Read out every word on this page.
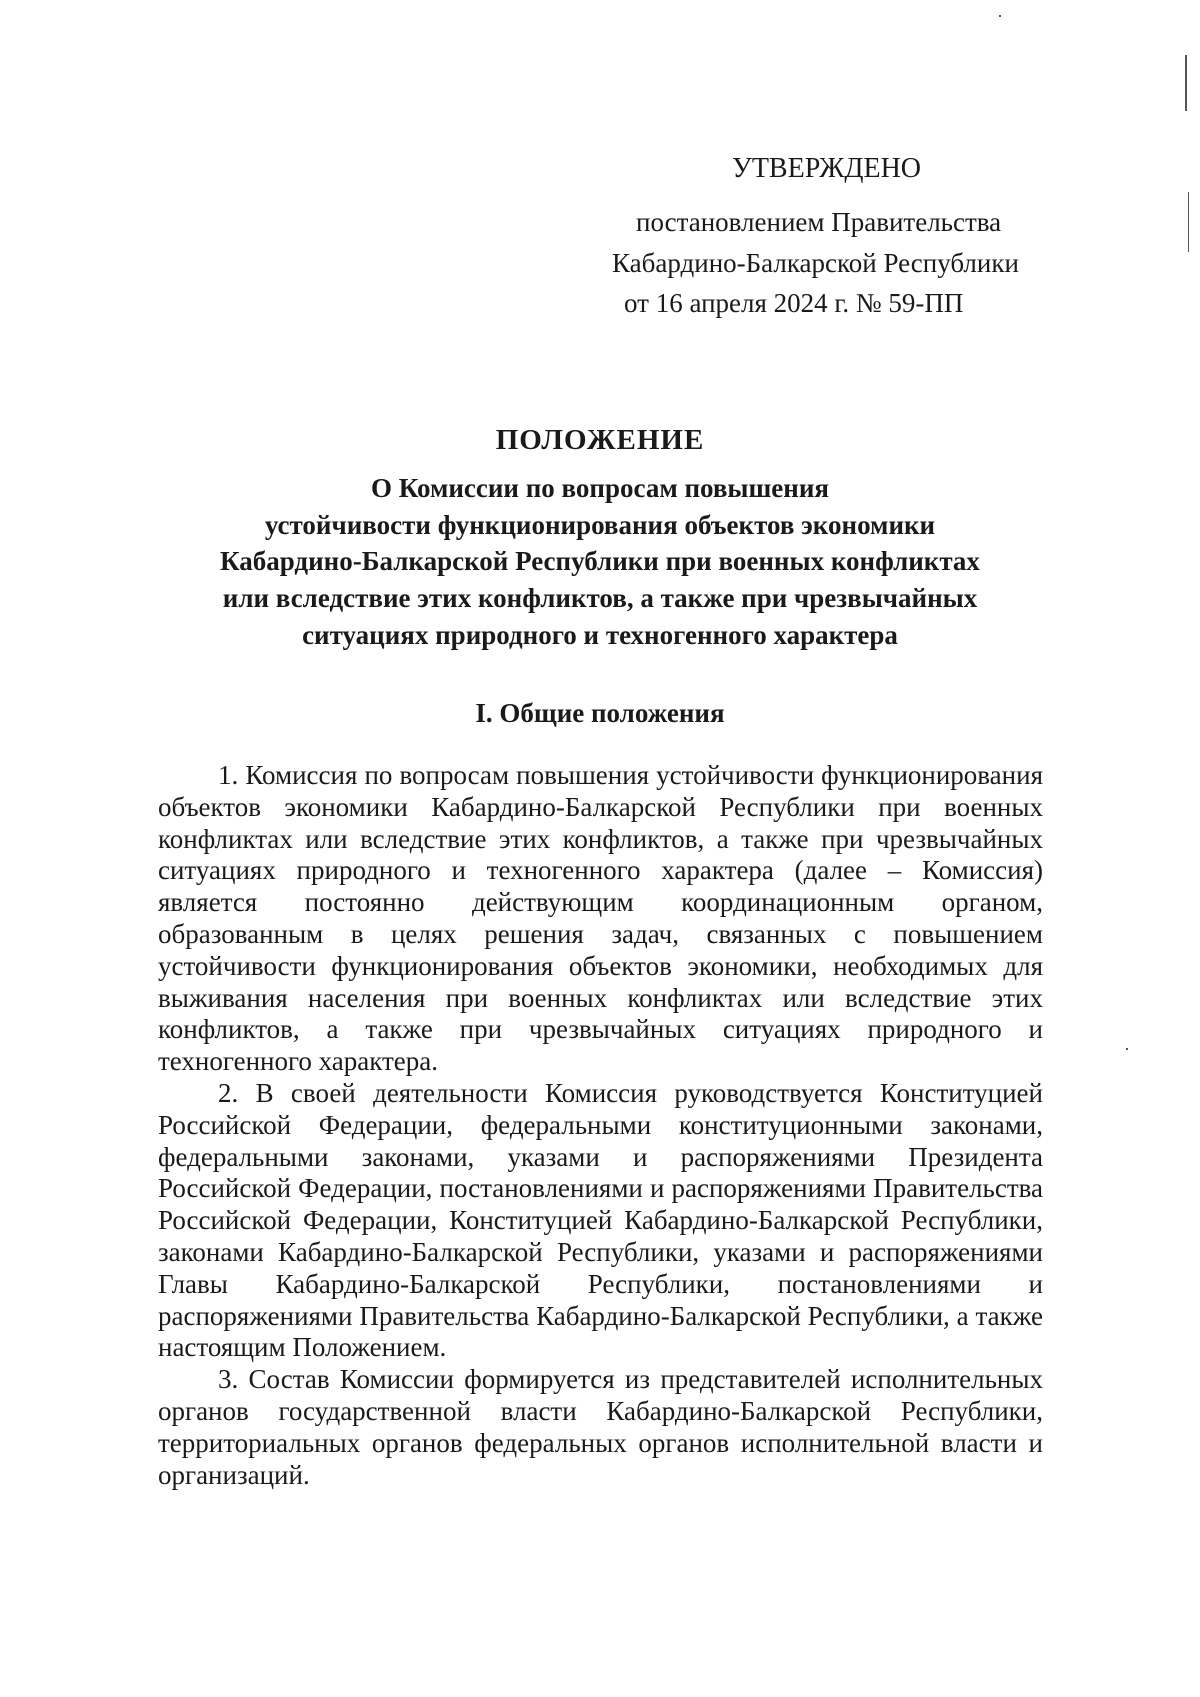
УТВЕРЖДЕНО
постановлением Правительства
Кабардино-Балкарской Республики
от 16 апреля 2024 г. № 59-ПП
ПОЛОЖЕНИЕ
О Комиссии по вопросам повышения
устойчивости функционирования объектов экономики
Кабардино-Балкарской Республики при военных конфликтах
или вследствие этих конфликтов, а также при чрезвычайных
ситуациях природного и техногенного характера
I. Общие положения

1. Комиссия по вопросам повышения устойчивости функционирования объектов экономики Кабардино-Балкарской Республики при военных конфликтах или вследствие этих конфликтов, а также при чрезвычайных ситуациях природного и техногенного характера (далее – Комиссия) является постоянно действующим координационным органом, образованным в целях решения задач, связанных с повышением устойчивости функционирования объектов экономики, необходимых для выживания населения при военных конфликтах или вследствие этих конфликтов, а также при чрезвычайных ситуациях природного и техногенного характера.

2. В своей деятельности Комиссия руководствуется Конституцией Российской Федерации, федеральными конституционными законами, федеральными законами, указами и распоряжениями Президента Российской Федерации, постановлениями и распоряжениями Правительства Российской Федерации, Конституцией Кабардино-Балкарской Республики, законами Кабардино-Балкарской Республики, указами и распоряжениями Главы Кабардино-Балкарской Республики, постановлениями и распоряжениями Правительства Кабардино-Балкарской Республики, а также настоящим Положением.

3. Состав Комиссии формируется из представителей исполнительных органов государственной власти Кабардино-Балкарской Республики, территориальных органов федеральных органов исполнительной власти и организаций.
